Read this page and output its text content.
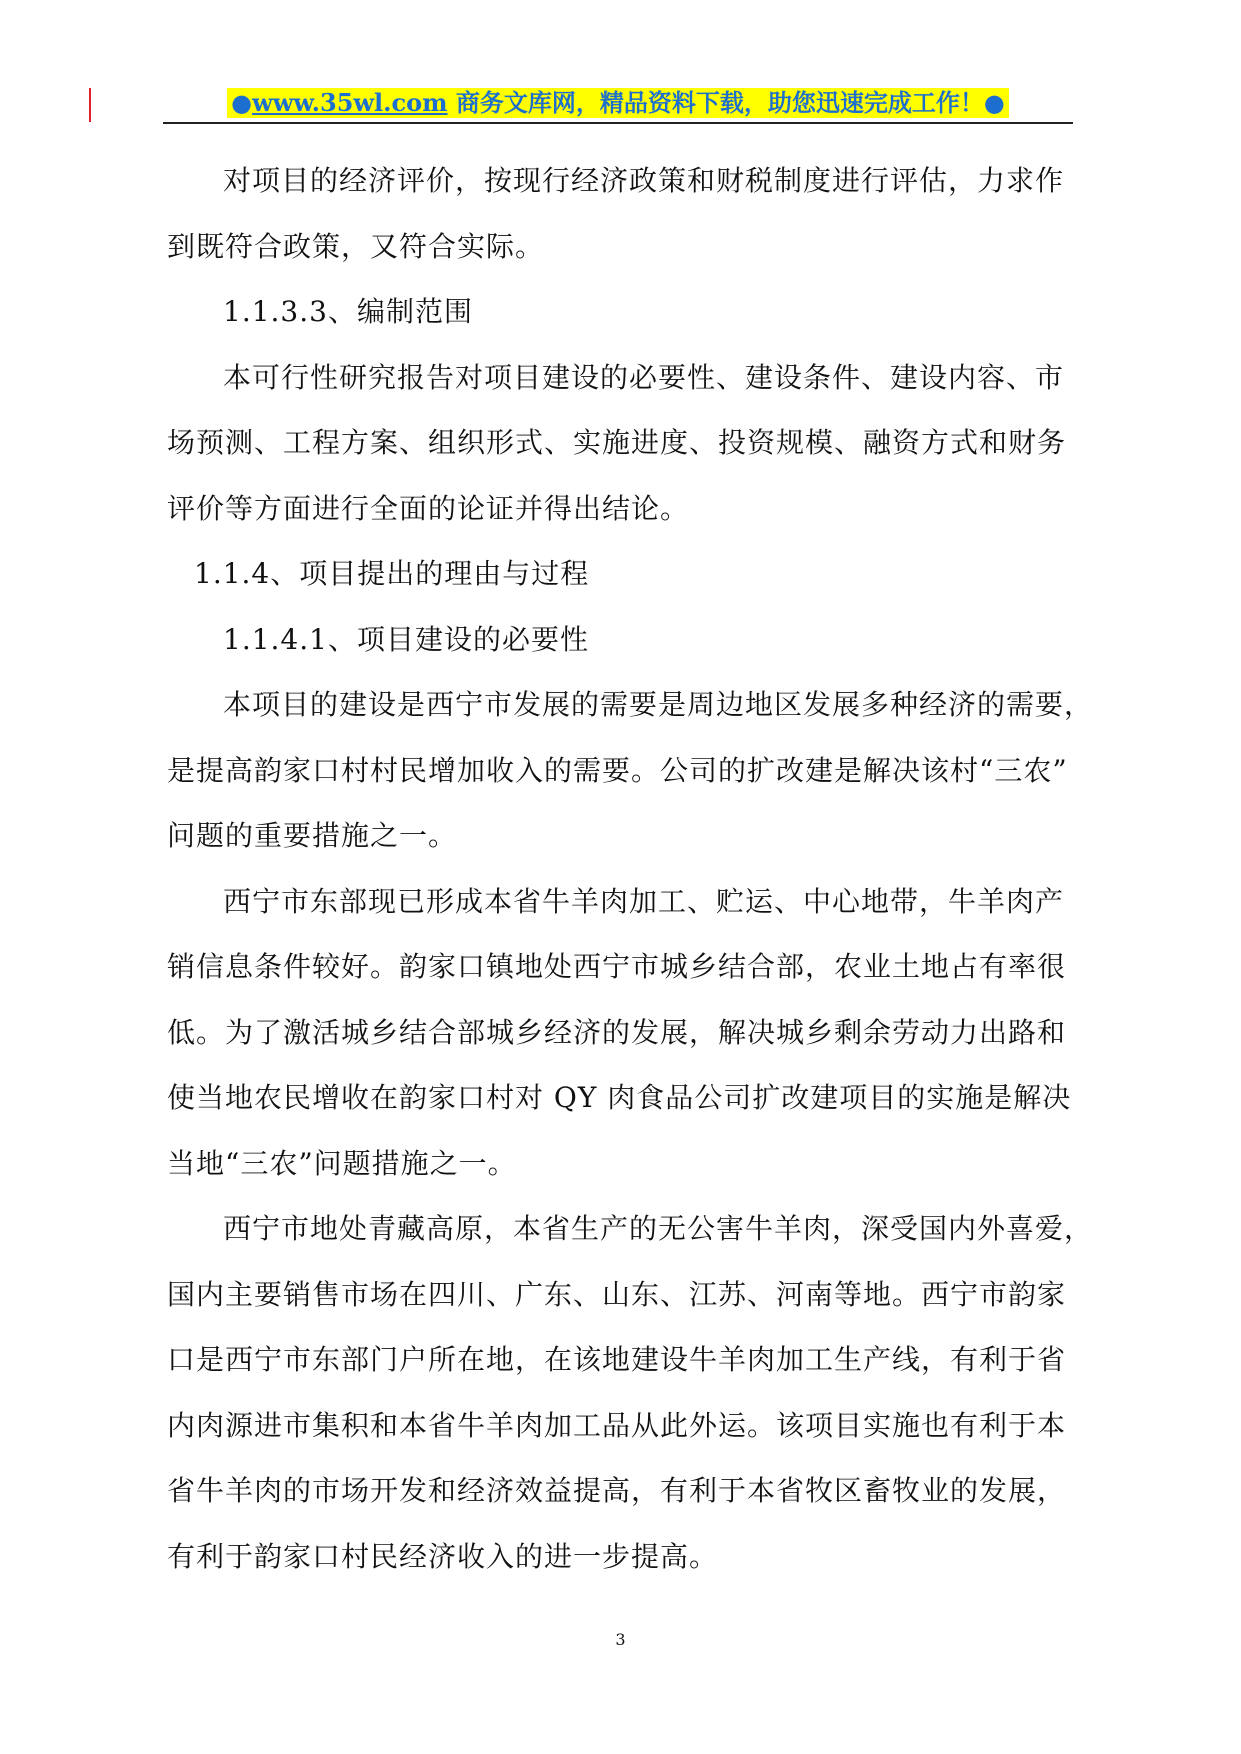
●www.35wl.com 商务文库网，精品资料下载，助您迅速完成工作！●

对项目的经济评价，按现行经济政策和财税制度进行评估，力求作

到既符合政策，又符合实际。

1.1.3.3、编制范围

本可行性研究报告对项目建设的必要性、建设条件、建设内容、市

场预测、工程方案、组织形式、实施进度、投资规模、融资方式和财务

评价等方面进行全面的论证并得出结论。

1.1.4、项目提出的理由与过程

1.1.4.1、项目建设的必要性

本项目的建设是西宁市发展的需要是周边地区发展多种经济的需要，

是提高韵家口村村民增加收入的需要。公司的扩改建是解决该村“三农”

问题的重要措施之一。

西宁市东部现已形成本省牛羊肉加工、贮运、中心地带，牛羊肉产

销信息条件较好。韵家口镇地处西宁市城乡结合部，农业土地占有率很

低。为了激活城乡结合部城乡经济的发展，解决城乡剩余劳动力出路和

使当地农民增收在韵家口村对 QY 肉食品公司扩改建项目的实施是解决

当地“三农”问题措施之一。

西宁市地处青藏高原，本省生产的无公害牛羊肉，深受国内外喜爱，

国内主要销售市场在四川、广东、山东、江苏、河南等地。西宁市韵家

口是西宁市东部门户所在地，在该地建设牛羊肉加工生产线，有利于省

内肉源进市集积和本省牛羊肉加工品从此外运。该项目实施也有利于本

省牛羊肉的市场开发和经济效益提高，有利于本省牧区畜牧业的发展，

有利于韵家口村民经济收入的进一步提高。

3
